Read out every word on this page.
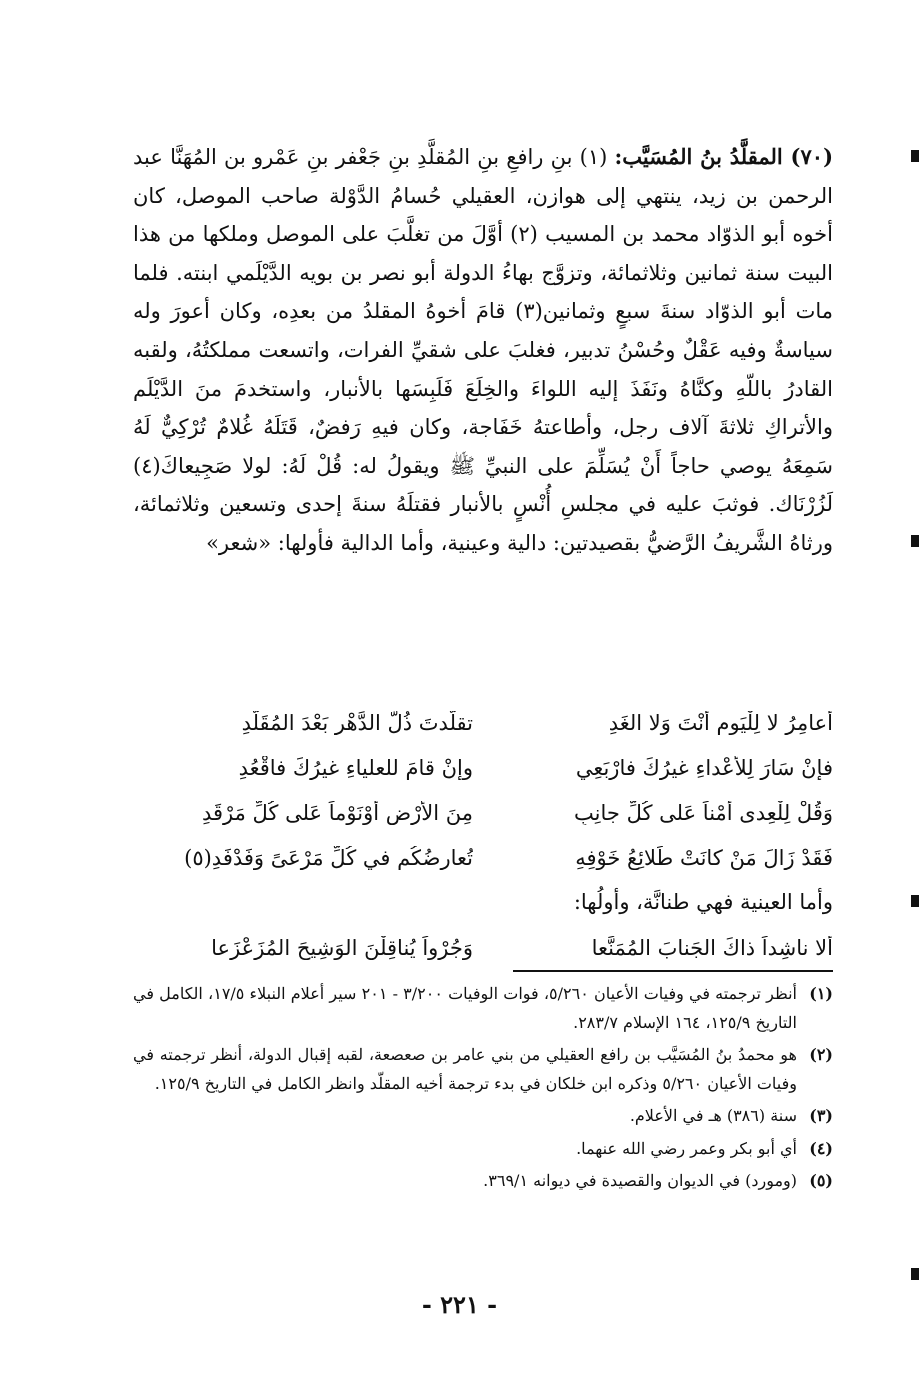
(٧٠) المقلَّدُ بنُ المُسَيَّب: (١) بنِ رافعِ بنِ المُقلَّدِ بنِ جَعْفر بنِ عَمْرو بن المُهَنَّا عبد الرحمن بن زيد، ينتهي إلى هوازن، العقيلي حُسامُ الدَّوْلة صاحب الموصل، كان أخوه أبو الذوّاد محمد بن المسيب (٢) أوَّلَ من تغلَّبَ على الموصل وملكها من هذا البيت سنة ثمانين وثلاثمائة، وتزوَّج بهاءُ الدولة أبو نصر بن بويه الدَّيْلَمي ابنته. فلما مات أبو الذوّاد سنةَ سبعٍ وثمانين(٣) قامَ أخوهُ المقلدُ من بعدِه، وكان أعورَ وله سياسةٌ وفيه عَقْلٌ وحُسْنُ تدبير، فغلبَ على شقيِّ الفرات، واتسعت مملكتُهُ، ولقبه القادرُ باللّهِ وكنَّاهُ ونَفَذَ إليه اللواءَ والخِلَعَ فَلَبِسَها بالأنبار، واستخدمَ منَ الدَّيْلَم والأتراكِ ثلاثةَ آلاف رجل، وأطاعتهُ خَفَاجة، وكان فيهِ رَفضٌ، قَتَلَهُ غُلامٌ تُرْكِيٌّ لَهُ سَمِعَهُ يوصي حاجاً أَنْ يُسَلِّمَ على النبيِّ ﷺ ويقولُ له: قُلْ لَهُ: لولا صَجِيعاكَ(٤) لَزُرْنَاك. فوثبَ عليه في مجلسِ أُنْسٍ بالأنبار فقتلَهُ سنةَ إحدى وتسعين وثلاثمائة، ورثاهُ الشَّريفُ الرَّضيُّ بقصيدتين: دالية وعينية، وأما الدالية فأولها: «شعر»

أعامِرُ لا لِلْيَومِ أَنْتَ وَلا الغَدِ
تقلَّدتَ ذُلَّ الدَّهْرِ بَعْدَ المُقَلَّدِ
فإنْ سَارَ لِلأعْداءِ غيرُكَ فارْبَعِي
وإنْ قامَ للعلياءِ غيرُكَ فاقْعُدِ
وَقُلْ لِلْعِدى أَمْناً عَلى كُلِّ جانِبٍ
مِنَ الأرْضِ أوْنَوْماً عَلى كُلِّ مَرْقَدِ
فَقَدْ زَالَ مَنْ كانَتْ طَلائِعُ خَوْفِهِ
تُعارِضُكُم في كُلِّ مَرْعَىً وَفَدْفَدِ(٥)
وأما العينية فهي طنانَّة، وأولُها:
أَلا ناشِداً ذاكَ الجَنابَ المُمَنَّعا
وَجُرْواً يُناقِلْنَ الوَشِيحَ المُزَعْزَعا
(١)
أنظر ترجمته في وفيات الأعيان ٥/٢٦٠، فوات الوفيات ٣/٢٠٠ - ٢٠١ سير أعلام النبلاء ١٧/٥، الكامل في التاريخ ١٢٥/٩، ١٦٤ الإسلام ٢٨٣/٧.
(٢)
هو محمدُ بنُ المُسَيَّب بن رافع العقيلي من بني عامر بن صعصعة، لقبه إقبال الدولة، أنظر ترجمته في وفيات الأعيان ٥/٢٦٠ وذكره ابن خلكان في بدء ترجمة أخيه المقلّد وانظر الكامل في التاريخ ١٢٥/٩.
(٣)
سنة (٣٨٦) هـ في الأعلام.
(٤)
أي أبو بكر وعمر رضي الله عنهما.
(٥)
(ومورد) في الديوان والقصيدة في ديوانه ٣٦٩/١.
- ٢٢١ -
